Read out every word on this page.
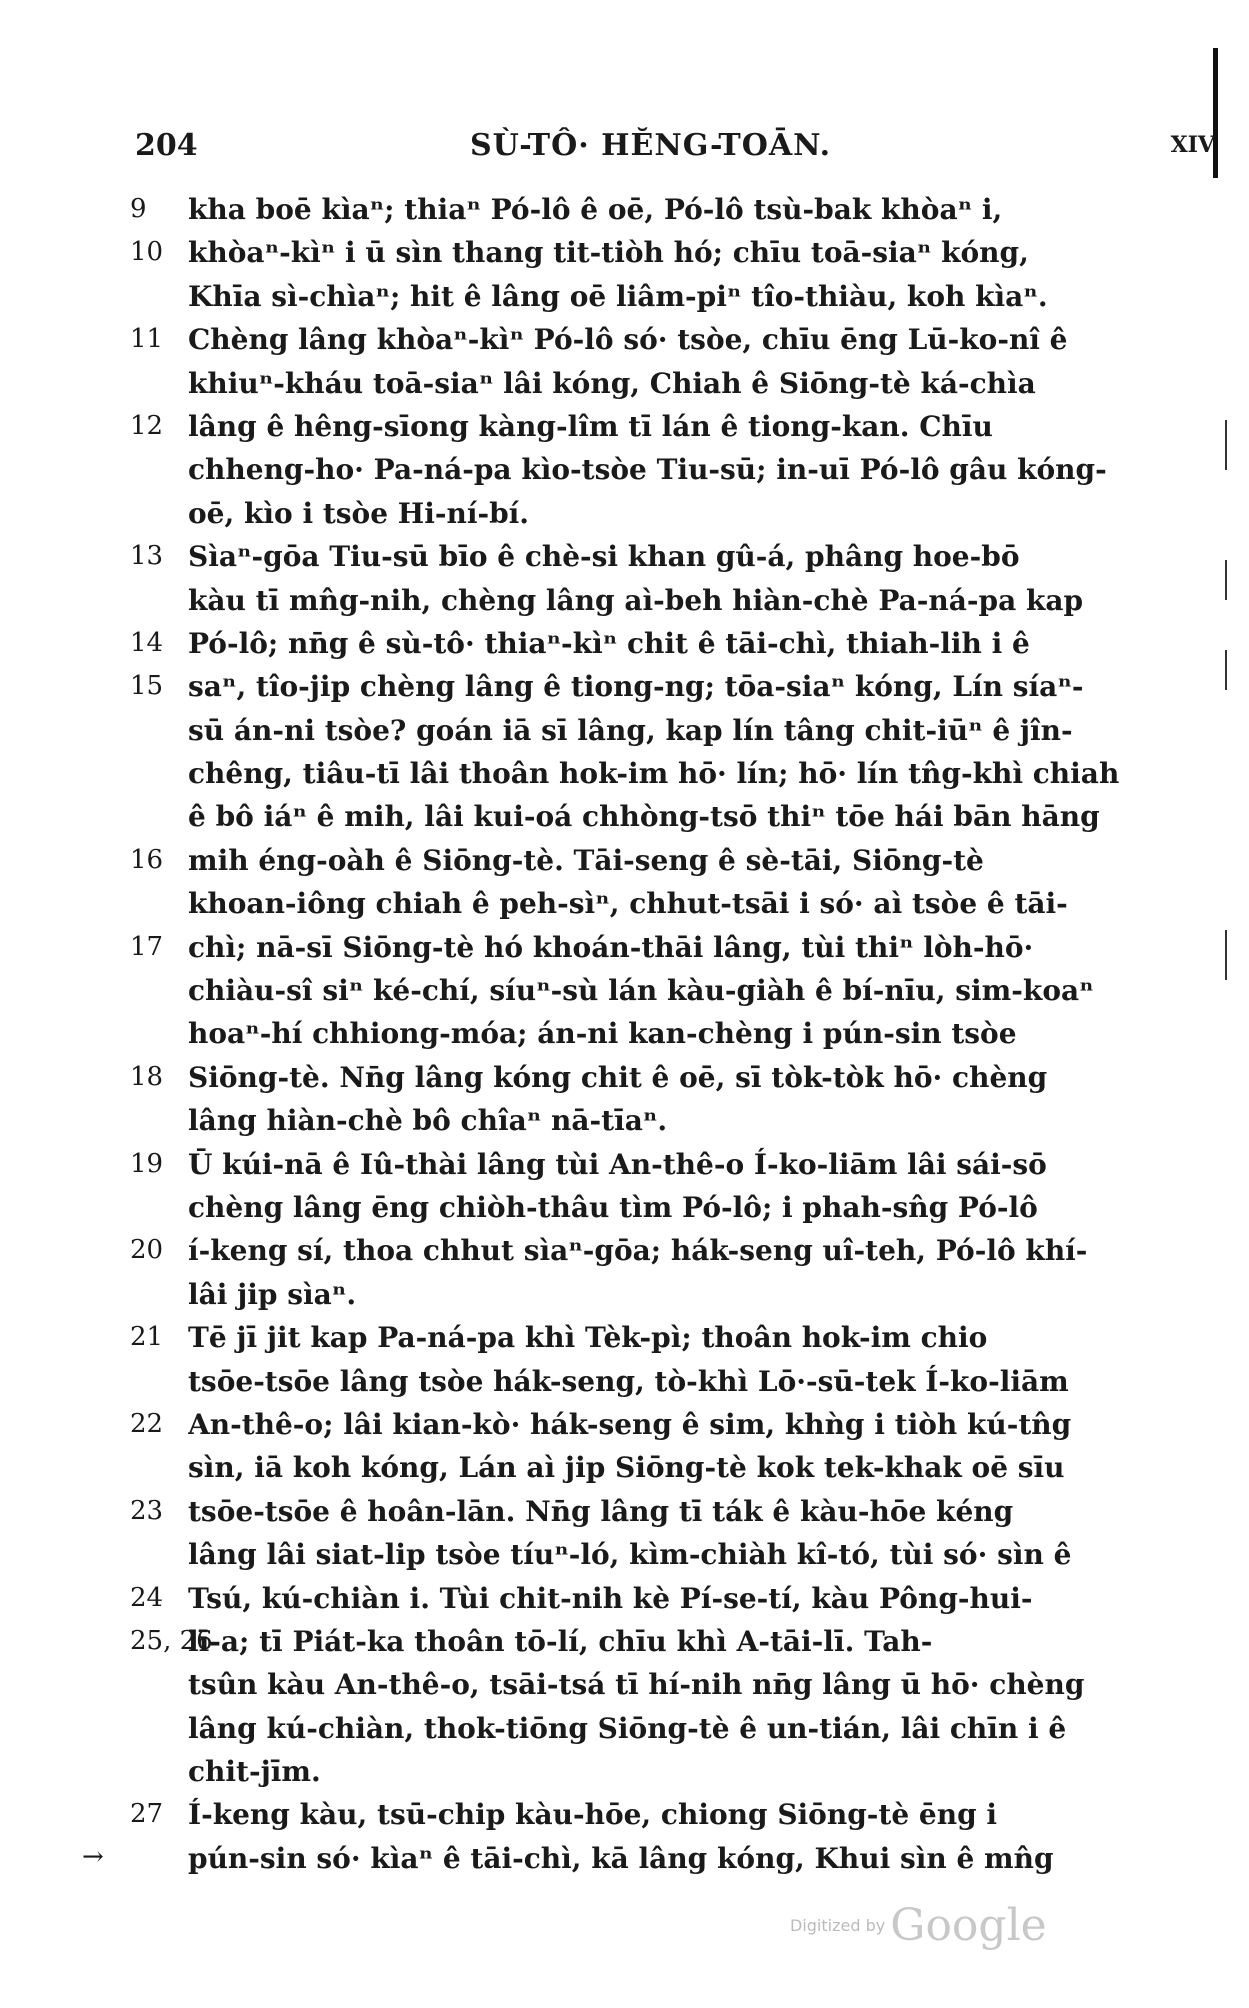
204	SÙ-TÔ· HĔNG-TOĀN.	XIV
9	kha boē kìaⁿ; thiaⁿ Pó-lô ê oē, Pó-lô tsù-bak khòaⁿ i,
10 khòaⁿ-kìⁿ i ū sìn thang tit-tiòh hó; chīu toā-siaⁿ kóng,
Khīa sì-chìaⁿ; hit ê lâng oē liâm-piⁿ tîo-thiàu, koh kìaⁿ.
11 Chèng lâng khòaⁿ-kìⁿ Pó-lô só· tsòe, chīu ēng Lū-ko-nî ê
khiuⁿ-kháu toā-siaⁿ lâi kóng, Chiah ê Siōng-tè ká-chìa
12 lâng ê hêng-sīong kàng-lîm tī lán ê tiong-kan. Chīu
chheng-ho· Pa-ná-pa kìo-tsòe Tiu-sū; in-uī Pó-lô gâu kóng-
oē, kìo i tsòe Hi-ní-bí.
13 Sìaⁿ-gōa Tiu-sū bīo ê chè-si khan gû-á, phâng hoe-bō
kàu tī mn̂g-nih, chèng lâng aì-beh hiàn-chè Pa-ná-pa kap
14 Pó-lô; nn̄g ê sù-tô· thiaⁿ-kìⁿ chit ê tāi-chì, thiah-lih i ê
15 saⁿ, tîo-jip chèng lâng ê tiong-ng; tōa-siaⁿ kóng, Lín síaⁿ-
sū án-ni tsòe? goán iā sī lâng, kap lín tâng chit-iūⁿ ê jîn-
chêng, tiâu-tī lâi thoân hok-im hō· lín; hō· lín tn̂g-khì chiah
ê bô iáⁿ ê mih, lâi kui-oá chhòng-tsō thiⁿ tōe hái bān hāng
16 mih éng-oàh ê Siōng-tè. Tāi-seng ê sè-tāi, Siōng-tè
khoan-iông chiah ê peh-sìⁿ, chhut-tsāi i só· aì tsòe ê tāi-
17 chì; nā-sī Siōng-tè hó khoán-thāi lâng, tùi thiⁿ lòh-hō·
chiàu-sî siⁿ ké-chí, síuⁿ-sù lán kàu-giàh ê bí-nīu, sim-koaⁿ
hoaⁿ-hí chhiong-móa; án-ni kan-chèng i pún-sin tsòe
18 Siōng-tè. Nn̄g lâng kóng chit ê oē, sī tòk-tòk hō· chèng
lâng hiàn-chè bô chîaⁿ nā-tīaⁿ.
19 Ū kúi-nā ê Iû-thài lâng tùi An-thê-o Í-ko-liām lâi sái-sō
chèng lâng ēng chiòh-thâu tìm Pó-lô; i phah-sn̂g Pó-lô
20 í-keng sí, thoa chhut sìaⁿ-gōa; hák-seng uî-teh, Pó-lô khí-
lâi jip sìaⁿ.
21 Tē jī jit kap Pa-ná-pa khì Tèk-pì; thoân hok-im chio
tsōe-tsōe lâng tsòe hák-seng, tò-khì Lō·-sū-tek Í-ko-liām
22 An-thê-o; lâi kian-kò· hák-seng ê sim, khǹg i tiòh kú-tn̂g
sìn, iā koh kóng, Lán aì jip Siōng-tè kok tek-khak oē sīu
23 tsōe-tsōe ê hoân-lān. Nn̄g lâng tī ták ê kàu-hōe kéng
lâng lâi siat-lip tsòe tíuⁿ-ló, kìm-chiàh kî-tó, tùi só· sìn ê
24 Tsú, kú-chiàn i. Tùi chit-nih kè Pí-se-tí, kàu Pông-hui-
25, 26
lī-a; tī Piát-ka thoân tō-lí, chīu khì A-tāi-lī. Tah-
tsûn kàu An-thê-o, tsāi-tsá tī hí-nih nn̄g lâng ū hō· chèng
lâng kú-chiàn, thok-tiōng Siōng-tè ê un-tián, lâi chīn i ê
chit-jīm.
27 Í-keng kàu, tsū-chip kàu-hōe, chiong Siōng-tè ēng i
pún-sin só· kìaⁿ ê tāi-chì, kā lâng kóng, Khui sìn ê mn̂g
→
Digitized by Google
